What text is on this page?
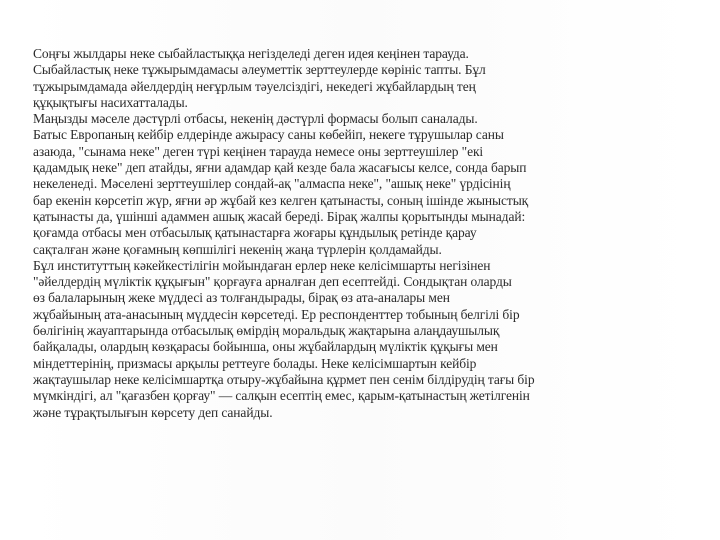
Соңғы жылдары неке сыбайластыққа негізделеді деген идея кеңінен тарауда.
Сыбайластық неке тұжырымдамасы әлеуметтік зерттеулерде көрініс тапты. Бұл
тұжырымдамада әйелдердің неғұрлым тәуелсіздігі, некедегі жұбайлардың тең
құқықтығы насихатталады.
Маңызды мәселе дәстүрлі отбасы, некенің дәстүрлі формасы болып саналады.
Батыс Европаның кейбір елдерінде ажырасу саны көбейіп, некеге тұрушылар саны
азаюда, "сынама неке" деген түрі кеңінен тарауда немесе оны зерттеушілер "екі
қадамдық неке" деп атайды, яғни адамдар қай кезде бала жасағысы келсе, сонда барып
некеленеді. Мәселені зерттеушілер сондай-ақ "алмаспа неке", "ашық неке" үрдісінің
бар екенін көрсетіп жүр, яғни әр жұбай кез келген қатынасты, соның ішінде жыныстық
қатынасты да, үшінші адаммен ашық жасай береді. Бірақ жалпы қорытынды мынадай:
қоғамда отбасы мен отбасылық қатынастарға жоғары құндылық ретінде қарау
сақталған және қоғамның көпшілігі некенің жаңа түрлерін қолдамайды.
Бұл институттың кәкейкестілігін мойындаған ерлер неке келісімшарты негізінен
"әйелдердің мүліктік құқығын" қорғауға арналған деп есептейді. Сондықтан оларды
өз балаларының жеке мүддесі аз толғандырады, бірақ өз ата-аналары мен
жұбайының ата-анасының мүддесін көрсетеді. Ер респонденттер тобының белгілі бір
бөлігінің жауаптарында отбасылық өмірдің моральдық жақтарына алаңдаушылық
байқалады, олардың көзқарасы бойынша, оны жұбайлардың мүліктік құқығы мен
міндеттерінің, призмасы арқылы реттеуге болады. Неке келісімшартын кейбір
жақтаушылар неке келісімшартқа отыру-жұбайына құрмет пен сенім білдірудің тағы бір
мүмкіндігі, ал "қағазбен қорғау" — салқын есептің емес, қарым-қатынастың жетілгенін
және тұрақтылығын көрсету деп санайды.
